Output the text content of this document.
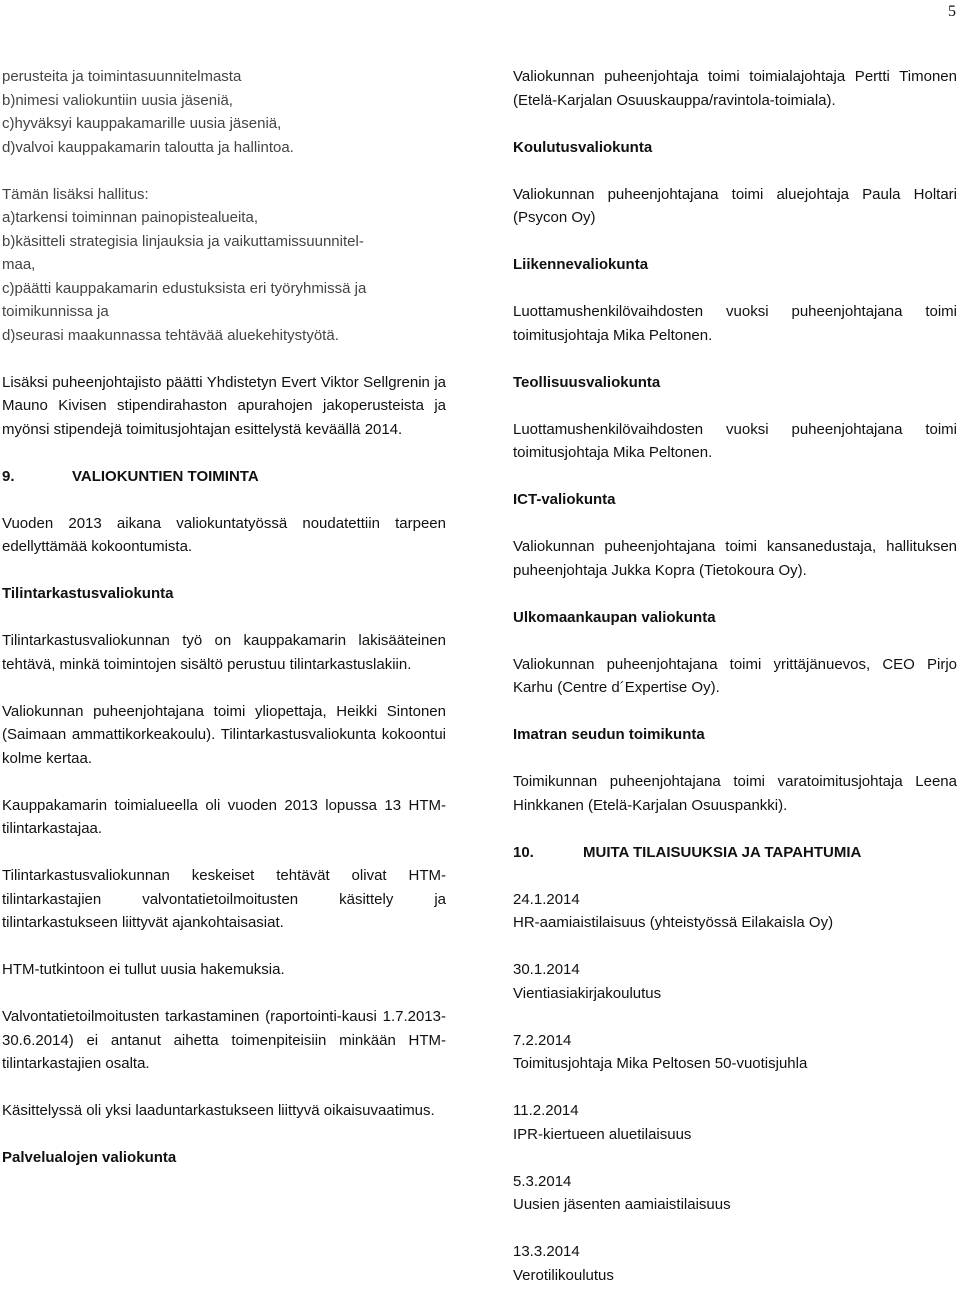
5
perusteita ja toimintasuunnitelmasta
b)nimesi valiokuntiin uusia jäseniä,
c)hyväksyi kauppakamarille uusia jäseniä,
d)valvoi kauppakamarin taloutta ja hallintoa.
Tämän lisäksi hallitus:
a)tarkensi toiminnan painopistealueita,
b)käsitteli strategisia linjauksia ja vaikuttamissuunnitel-
maa,
c)päätti kauppakamarin edustuksista eri työryhmissä ja
toimikunnissa ja
d)seurasi maakunnassa tehtävää aluekehitystyötä.

Lisäksi puheenjohtajisto päätti Yhdistetyn Evert Viktor Sellgrenin ja Mauno Kivisen stipendirahaston apurahojen jakoperusteista ja myönsi stipendejä toimitusjohtajan esittelystä keväällä 2014.

9.	VALIOKUNTIEN TOIMINTA

Vuoden 2013 aikana valiokuntatyössä noudatettiin tarpeen edellyttämää kokoontumista.

Tilintarkastusvaliokunta

Tilintarkastusvaliokunnan työ on kauppakamarin lakisääteinen tehtävä, minkä toimintojen sisältö perustuu tilintarkastuslakiin.

Valiokunnan puheenjohtajana toimi yliopettaja, Heikki Sintonen (Saimaan ammattikorkeakoulu). Tilintarkastusvaliokunta kokoontui kolme kertaa.

Kauppakamarin toimialueella oli vuoden 2013 lopussa 13 HTM-tilintarkastajaa.

Tilintarkastusvaliokunnan keskeiset tehtävät olivat HTM-tilintarkastajien valvontatietoilmoitusten käsittely ja tilintarkastukseen liittyvät ajankohtaisasiat.

HTM-tutkintoon ei tullut uusia hakemuksia.

Valvontatietoilmoitusten tarkastaminen (raportointi-kausi 1.7.2013-30.6.2014) ei antanut aihetta toimenpiteisiin minkään HTM-tilintarkastajien osalta.

Käsittelyssä oli yksi laaduntarkastukseen liittyvä oikaisuvaatimus.

Palvelualojen valiokunta

Valiokunnan puheenjohtaja toimi toimialajohtaja Pertti Timonen (Etelä-Karjalan Osuuskauppa/ravintola-toimiala).

Koulutusvaliokunta

Valiokunnan puheenjohtajana toimi aluejohtaja Paula Holtari (Psycon Oy)

Liikennevaliokunta

Luottamushenkilövaihdosten vuoksi puheenjohtajana toimi toimitusjohtaja Mika Peltonen.

Teollisuusvaliokunta

Luottamushenkilövaihdosten vuoksi puheenjohtajana toimi toimitusjohtaja Mika Peltonen.

ICT-valiokunta

Valiokunnan puheenjohtajana toimi kansanedustaja, hallituksen puheenjohtaja Jukka Kopra (Tietokoura Oy).

Ulkomaankaupan valiokunta

Valiokunnan puheenjohtajana toimi yrittäjänuevos, CEO Pirjo Karhu (Centre d´Expertise Oy).

Imatran seudun toimikunta

Toimikunnan puheenjohtajana toimi varatoimitusjohtaja Leena Hinkkanen (Etelä-Karjalan Osuuspankki).

10.	MUITA TILAISUUKSIA JA TAPAHTUMIA
24.1.2014
HR-aamiaistilaisuus (yhteistyössä Eilakaisla Oy)
30.1.2014
Vientiasiakirjakoulutus
7.2.2014
Toimitusjohtaja Mika Peltosen 50-vuotisjuhla
11.2.2014
IPR-kiertueen aluetilaisuus
5.3.2014
Uusien jäsenten aamiaistilaisuus
13.3.2014
Verotilikoulutus
